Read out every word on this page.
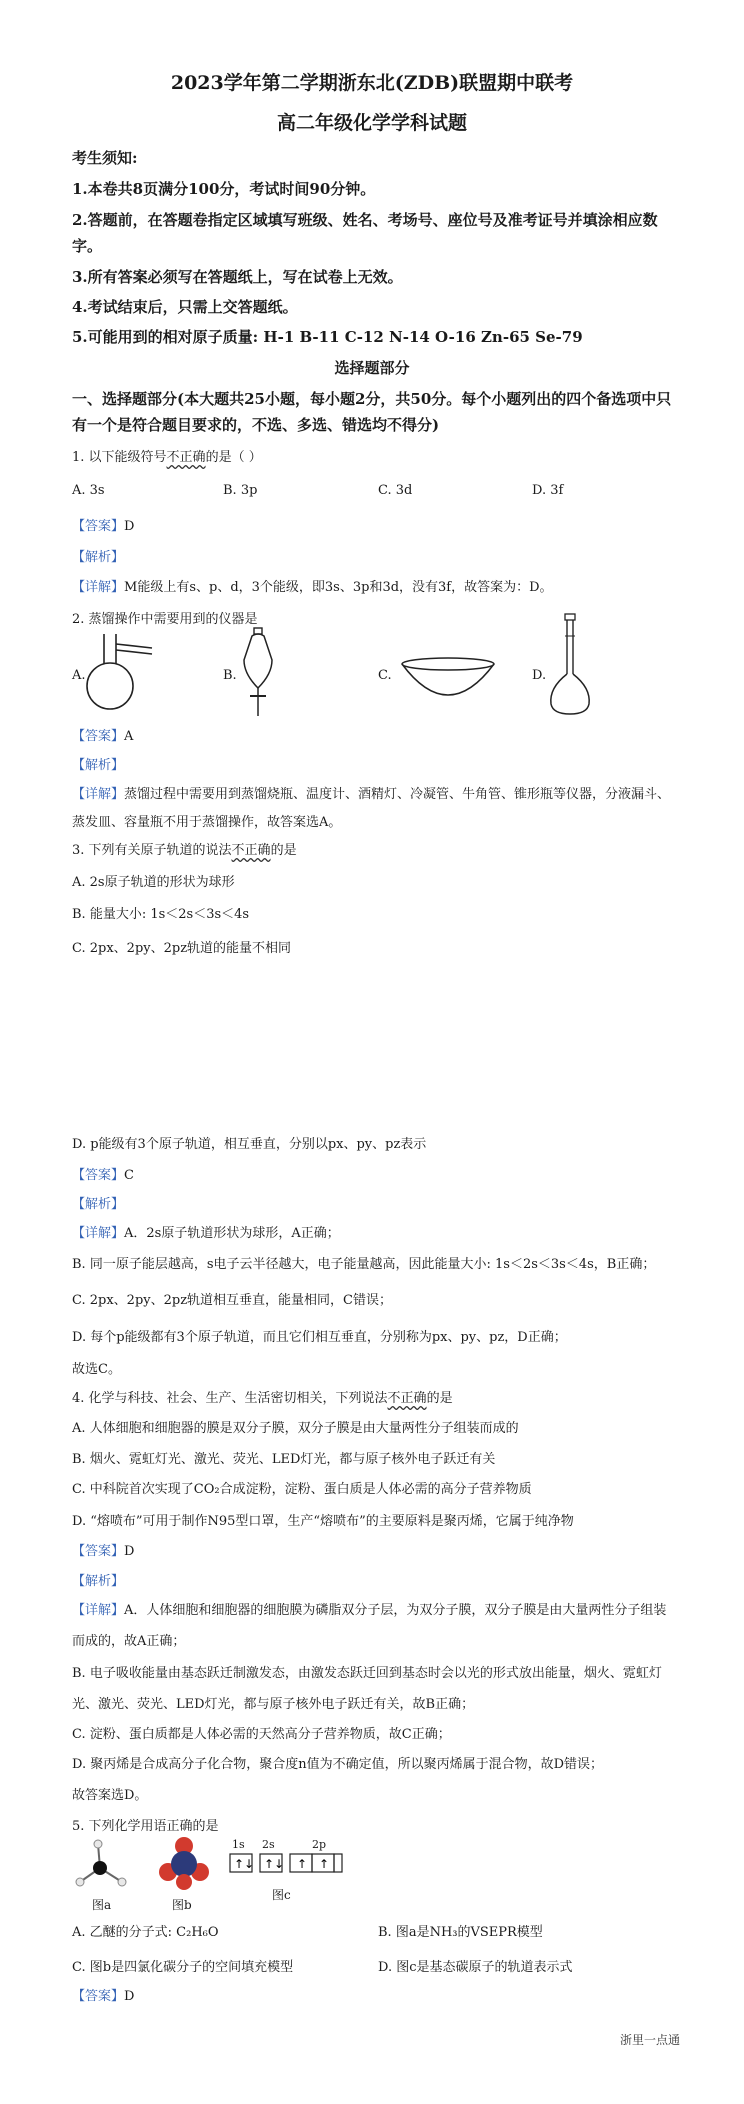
2023学年第二学期浙东北(ZDB)联盟期中联考
高二年级化学学科试题
考生须知:
1.本卷共8页满分100分，考试时间90分钟。
2.答题前，在答题卷指定区域填写班级、姓名、考场号、座位号及准考证号并填涂相应数
字。
3.所有答案必须写在答题纸上，写在试卷上无效。
4.考试结束后，只需上交答题纸。
5.可能用到的相对原子质量: H-1 B-11 C-12 N-14 O-16 Zn-65 Se-79
选择题部分
一、选择题部分(本大题共25小题，每小题2分，共50分。每个小题列出的四个备选项中只
有一个是符合题目要求的，不选、多选、错选均不得分)
1. 以下能级符号不正确的是（ ）
A. 3s	B. 3p	C. 3d	D. 3f
【答案】D
【解析】
【详解】M能级上有s、p、d，3个能级，即3s、3p和3d，没有3f，故答案为：D。
2. 蒸馏操作中需要用到的仪器是
A.	B.	C.	D.
【答案】A
【解析】
【详解】蒸馏过程中需要用到蒸馏烧瓶、温度计、酒精灯、冷凝管、牛角管、锥形瓶等仪器，分液漏斗、
蒸发皿、容量瓶不用于蒸馏操作，故答案选A。
3. 下列有关原子轨道的说法不正确的是
A. 2s原子轨道的形状为球形
B. 能量大小: 1s＜2s＜3s＜4s
C. 2px、2py、2pz轨道的能量不相同
D. p能级有3个原子轨道，相互垂直，分别以px、py、pz表示
【答案】C
【解析】
【详解】A．2s原子轨道形状为球形，A正确；
B. 同一原子能层越高，s电子云半径越大，电子能量越高，因此能量大小: 1s＜2s＜3s＜4s，B正确；
C. 2px、2py、2pz轨道相互垂直，能量相同，C错误；
D. 每个p能级都有3个原子轨道，而且它们相互垂直，分别称为px、py、pz，D正确；
故选C。
4. 化学与科技、社会、生产、生活密切相关，下列说法不正确的是
A. 人体细胞和细胞器的膜是双分子膜，双分子膜是由大量两性分子组装而成的
B. 烟火、霓虹灯光、激光、荧光、LED灯光，都与原子核外电子跃迁有关
C. 中科院首次实现了CO₂合成淀粉，淀粉、蛋白质是人体必需的高分子营养物质
D. “熔喷布”可用于制作N95型口罩，生产“熔喷布”的主要原料是聚丙烯，它属于纯净物
【答案】D
【解析】
【详解】A．人体细胞和细胞器的细胞膜为磷脂双分子层，为双分子膜，双分子膜是由大量两性分子组装
而成的，故A正确；
B. 电子吸收能量由基态跃迁制激发态，由激发态跃迁回到基态时会以光的形式放出能量，烟火、霓虹灯
光、激光、荧光、LED灯光，都与原子核外电子跃迁有关，故B正确；
C. 淀粉、蛋白质都是人体必需的天然高分子营养物质，故C正确；
D. 聚丙烯是合成高分子化合物，聚合度n值为不确定值，所以聚丙烯属于混合物，故D错误；
故答案选D。
5. 下列化学用语正确的是
图a	图b
1s 2s	2p
↑↓ ↑↓ ↑ ↑
图c
A. 乙醚的分子式: C₂H₆O	B. 图a是NH₃的VSEPR模型
C. 图b是四氯化碳分子的空间填充模型	D. 图c是基态碳原子的轨道表示式
【答案】D
浙里一点通
